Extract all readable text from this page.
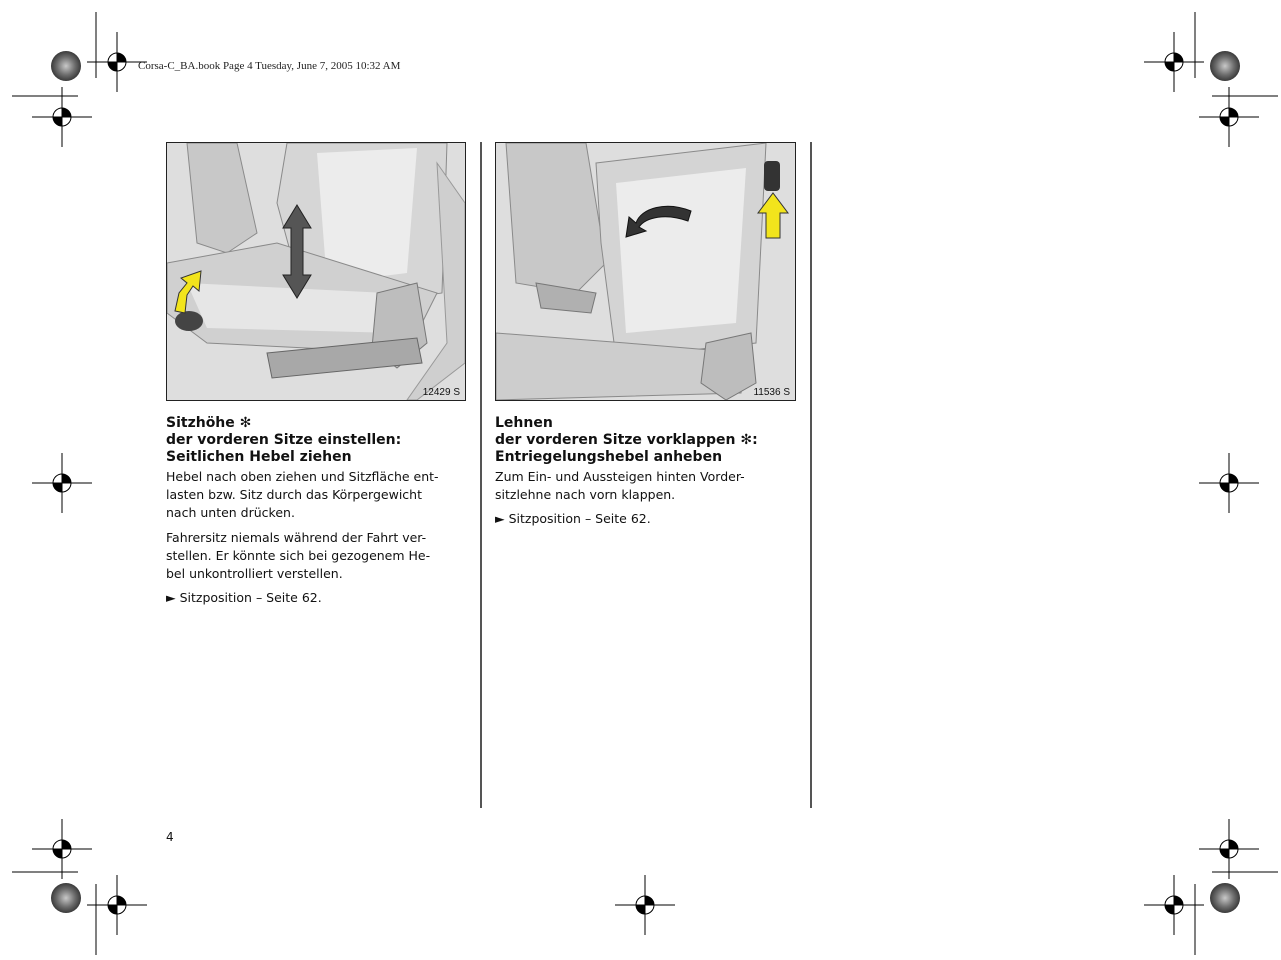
Corsa-C_BA.book Page 4 Tuesday, June 7, 2005 10:32 AM
12429 S	11536 S

Sitzhöhe ✻
der vorderen Sitze einstellen:
Seitlichen Hebel ziehen

Hebel nach oben ziehen und Sitzfläche ent-
lasten bzw. Sitz durch das Körpergewicht
nach unten drücken.

Fahrersitz niemals während der Fahrt ver-
stellen. Er könnte sich bei gezogenem He-
bel unkontrolliert verstellen.

► Sitzposition – Seite 62.

Lehnen
der vorderen Sitze vorklappen ✻:
Entriegelungshebel anheben

Zum Ein- und Aussteigen hinten Vorder-
sitzlehne nach vorn klappen.

► Sitzposition – Seite 62.

4
